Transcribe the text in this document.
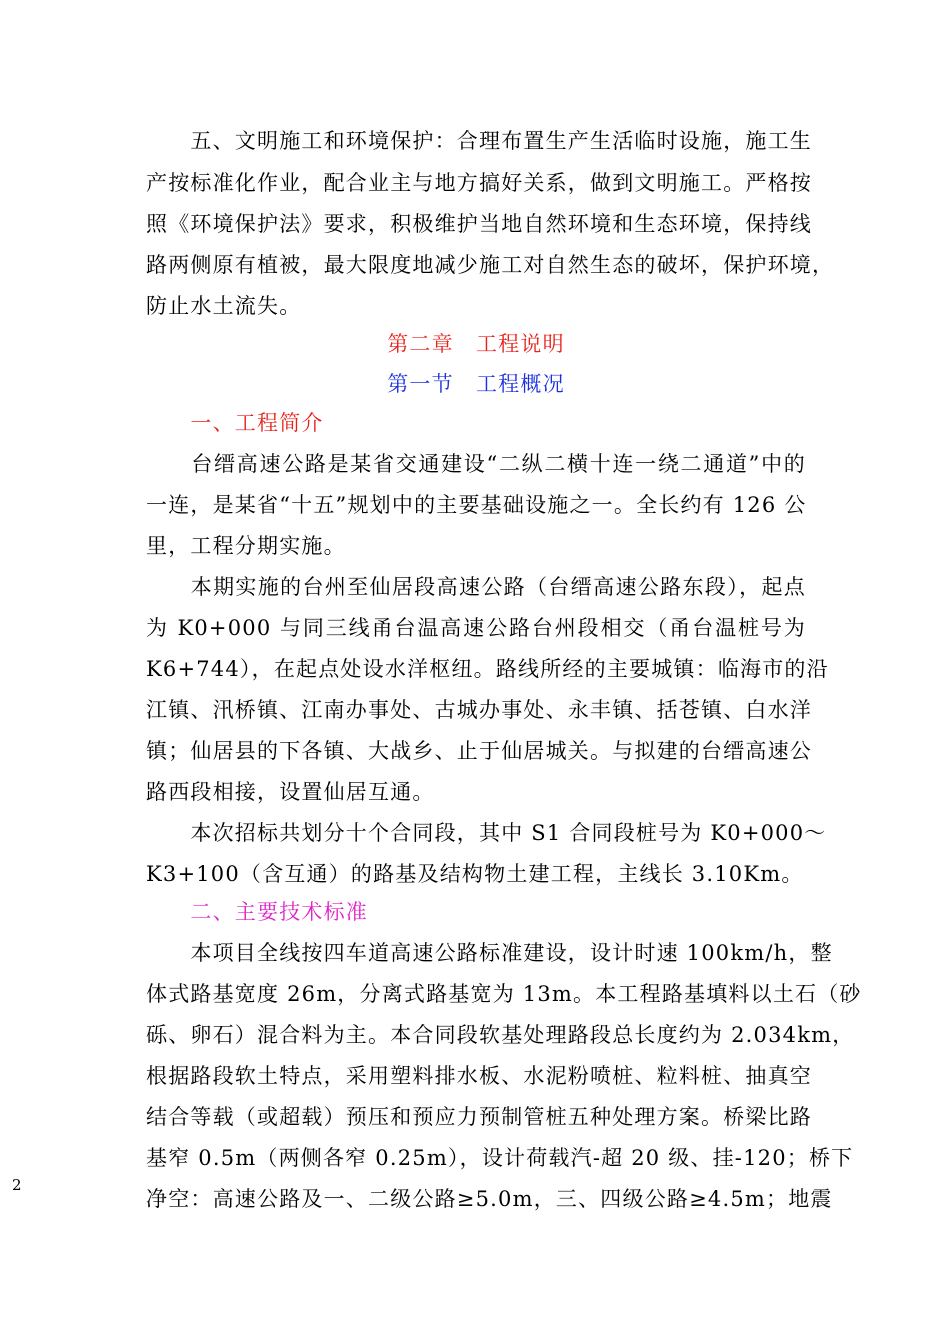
　　五、文明施工和环境保护：合理布置生产生活临时设施，施工生
产按标准化作业，配合业主与地方搞好关系，做到文明施工。严格按
照《环境保护法》要求，积极维护当地自然环境和生态环境，保持线
路两侧原有植被，最大限度地减少施工对自然生态的破坏，保护环境，
防止水土流失。
第二章　工程说明
第一节　工程概况
　　一、工程简介
　　台缙高速公路是某省交通建设“二纵二横十连一绕二通道”中的
一连，是某省“十五”规划中的主要基础设施之一。全长约有 126 公
里，工程分期实施。
　　本期实施的台州至仙居段高速公路（台缙高速公路东段），起点
为 K0+000 与同三线甬台温高速公路台州段相交（甬台温桩号为
K6+744），在起点处设水洋枢纽。路线所经的主要城镇：临海市的沿
江镇、汛桥镇、江南办事处、古城办事处、永丰镇、括苍镇、白水洋
镇；仙居县的下各镇、大战乡、止于仙居城关。与拟建的台缙高速公
路西段相接，设置仙居互通。
　　本次招标共划分十个合同段，其中 S1 合同段桩号为 K0+000～
K3+100（含互通）的路基及结构物土建工程，主线长 3.10Km。
　　二、主要技术标准
　　本项目全线按四车道高速公路标准建设，设计时速 100km/h，整
体式路基宽度 26m，分离式路基宽为 13m。本工程路基填料以土石（砂
砾、卵石）混合料为主。本合同段软基处理路段总长度约为 2.034km，
根据路段软土特点，采用塑料排水板、水泥粉喷桩、粒料桩、抽真空
结合等载（或超载）预压和预应力预制管桩五种处理方案。桥梁比路
基窄 0.5m（两侧各窄 0.25m），设计荷载汽-超 20 级、挂-120；桥下
净空：高速公路及一、二级公路≥5.0m，三、四级公路≥4.5m；地震
2
